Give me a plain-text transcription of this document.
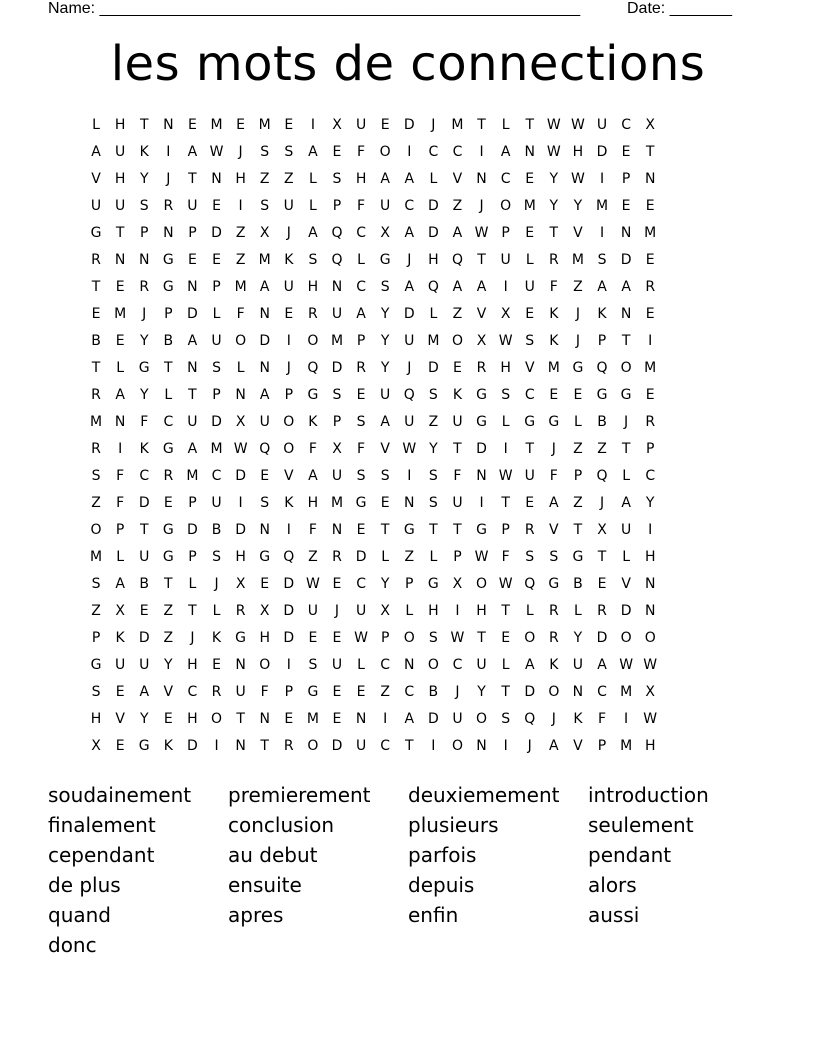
Name: ______________________________________________________	Date: _______
les mots de connections
L	H	T	N	E M E M E	I	X	U	E	D	J	M T	L	T W W U	C	X
A	U	K	I	A W	J	S	S	A	E	F	O	I	C	C	I	A	N W H D	E	T
V	H	Y	J	T	N H	Z	Z	L	S	H	A	A	L	V	N C	E	Y W	I	P	N
U U	S	R	U	E	I	S	U	L	P	F	U	C D Z	J	O M Y	Y M E	E
G	T	P	N	P	D Z	X	J	A Q C	X	A D A W P	E	T	V	I	N M
R N N G	E	E	Z M K	S	Q	L	G	J	H Q	T	U	L	R M S	D	E
T	E	R G N	P M A	U H N C	S	A Q A	A	I	U	F	Z	A	A	R
E M	J	P	D	L	F	N	E	R	U	A	Y	D	L	Z	V	X	E	K	J	K	N	E
B	E	Y	B	A	U O D	I	O M P	Y	U M O X W S	K	J	P	T	I
T	L	G	T	N	S	L	N	J	Q D R	Y	J	D	E	R H	V M G Q O M
R	A	Y	L	T	P	N	A	P	G	S	E	U Q	S	K	G	S	C	E	E	G G	E
M N	F	C	U D X	U O K	P	S	A	U	Z	U G	L	G G	L	B	J	R
R	I	K	G A M W Q O	F	X	F	V W Y	T	D	I	T	J	Z	Z	T	P
S	F	C	R M C D	E	V	A	U	S	S	I	S	F	N W U	F	P	Q	L	C
Z	F	D	E	P	U	I	S	K	H M G	E	N	S	U	I	T	E	A	Z	J	A	Y
O	P	T	G D B D N	I	F	N	E	T	G	T	T	G	P	R	V	T	X	U	I
M	L	U G	P	S	H G Q Z	R D	L	Z	L	P W F	S	S	G	T	L	H
S	A	B	T	L	J	X	E	D W E	C	Y	P	G X O W Q G B	E	V	N
Z	X	E	Z	T	L	R	X D U	J	U	X	L	H	I	H	T	L	R	L	R D N
P	K	D Z	J	K	G H D	E	E W P	O	S W T	E	O R	Y	D O O
G U U	Y	H	E	N O	I	S	U	L	C N O C	U	L	A	K	U	A W W
S	E	A	V	C	R	U	F	P	G	E	E	Z	C	B	J	Y	T	D O N C M X
H	V	Y	E	H O	T	N	E M E	N	I	A D U O	S	Q	J	K	F	I	W
X	E	G	K	D	I	N	T	R O D U	C	T	I	O N	I	J	A	V	P M H
soudainement	premierement	deuxiemement	introduction
finalement	conclusion	plusieurs	seulement
cependant	au debut	parfois	pendant
de plus	ensuite	depuis	alors
quand	apres	enfin	aussi
donc
